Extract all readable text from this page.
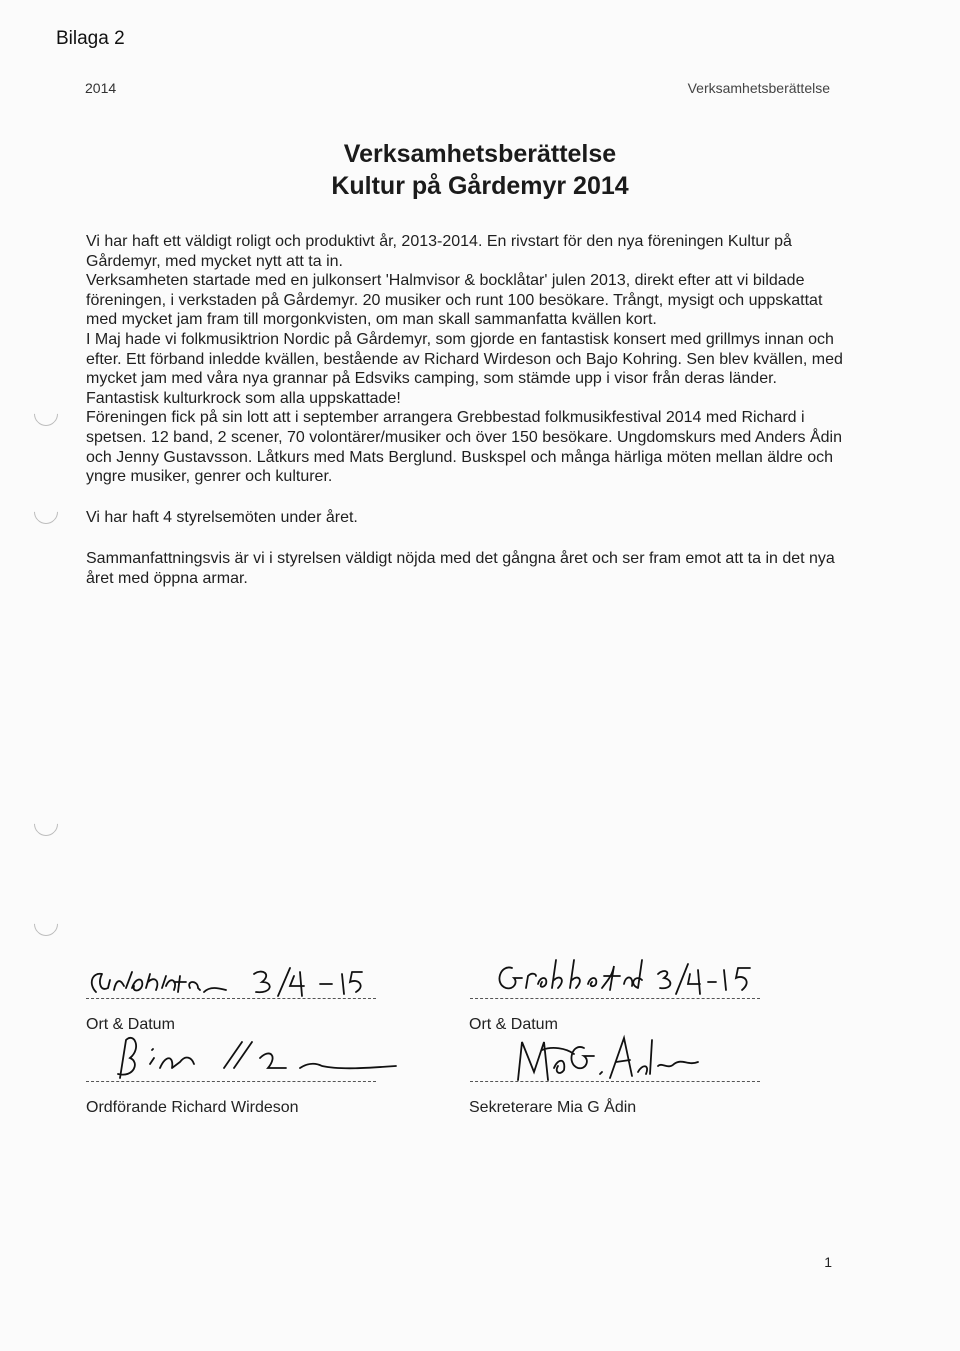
Bilaga 2
2014	Verksamhetsberättelse
Verksamhetsberättelse
Kultur på Gårdemyr 2014

Vi har haft ett väldigt roligt och produktivt år, 2013-2014. En rivstart för den nya föreningen Kultur på Gårdemyr, med mycket nytt att ta in.

Verksamheten startade med en julkonsert 'Halmvisor & bocklåtar' julen 2013, direkt efter att vi bildade föreningen, i verkstaden på Gårdemyr. 20 musiker och runt 100 besökare. Trångt, mysigt och uppskattat med mycket jam fram till morgonkvisten, om man skall sammanfatta kvällen kort.

I Maj hade vi folkmusiktrion Nordic på Gårdemyr, som gjorde en fantastisk konsert med grillmys innan och efter. Ett förband inledde kvällen, bestående av Richard Wirdeson och Bajo Kohring. Sen blev kvällen, med mycket jam med våra nya grannar på Edsviks camping, som stämde upp i visor från deras länder. Fantastisk kulturkrock som alla uppskattade!

Föreningen fick på sin lott att i september arrangera Grebbestad folkmusikfestival 2014 med Richard i spetsen. 12 band, 2 scener, 70 volontärer/musiker och över 150 besökare. Ungdomskurs med Anders Ådin och Jenny Gustavsson. Låtkurs med Mats Berglund. Buskspel och många härliga möten mellan äldre och yngre musiker, genrer och kulturer.

Vi har haft 4 styrelsemöten under året.

Sammanfattningsvis är vi i styrelsen väldigt nöjda med det gångna året och ser fram emot att ta in det nya året med öppna armar.

Ort & Datum
Ordförande Richard Wirdeson
Ort & Datum
Sekreterare Mia G Ådin
1
